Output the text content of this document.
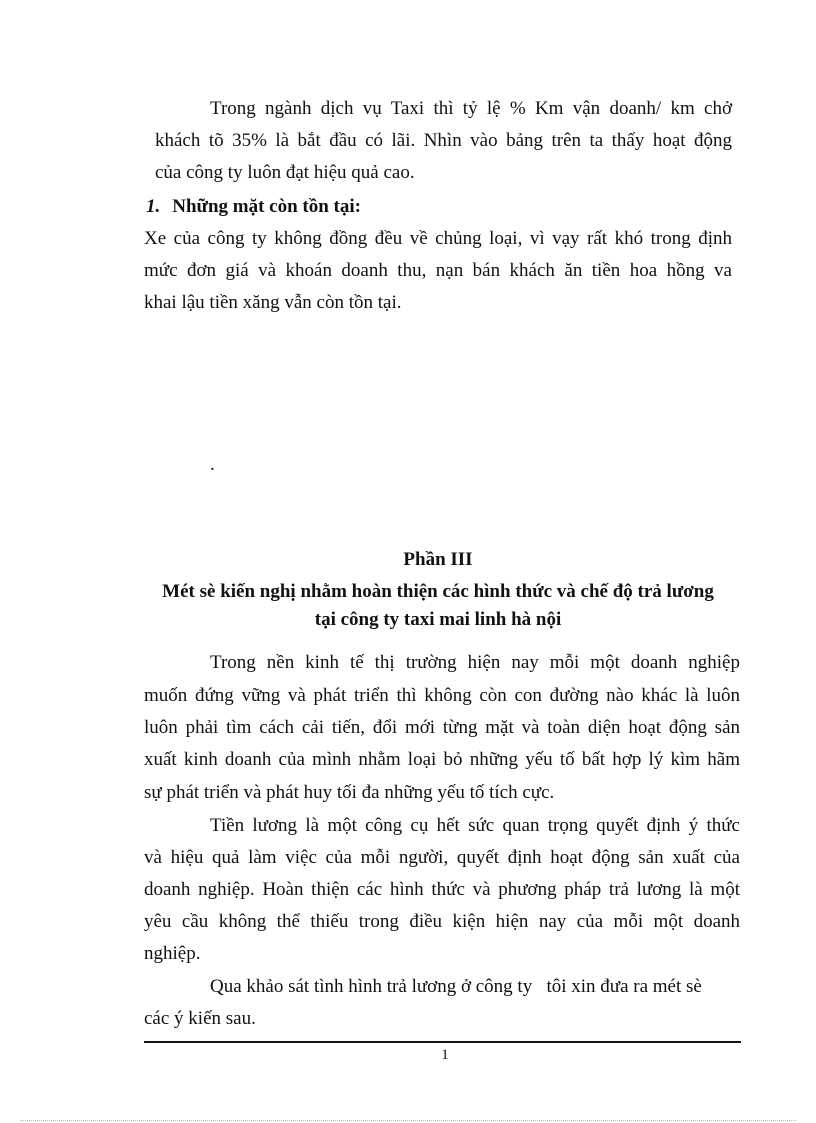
Trong ngành dịch vụ Taxi thì tỷ lệ % Km vận doanh/ km chở
khách tõ 35% là bắt đầu có lãi. Nhìn vào bảng trên ta thấy hoạt động
của công ty luôn đạt hiệu quả cao.
1. Những mặt còn tồn tại:
Xe của công ty không đồng đều về chủng loại, vì vạy rất khó trong định
mức đơn giá và khoán doanh thu, nạn bán khách ăn tiền hoa hồng va
khai lậu tiền xăng vẫn còn tồn tại.
.
Phần III
Mét sè kiến nghị nhằm hoàn thiện các hình thức và chế độ trả lương
tại công ty taxi mai linh hà nội
Trong nền kinh tế thị trường hiện nay mỗi một doanh nghiệp
muốn đứng vững và phát triển thì không còn con đường nào khác là luôn
luôn phải tìm cách cải tiến, đổi mới từng mặt và toàn diện hoạt động sản
xuất kinh doanh của mình nhằm loại bỏ những yếu tố bất hợp lý kìm hãm
sự phát triển và phát huy tối đa những yếu tố tích cực.
Tiền lương là một công cụ hết sức quan trọng quyết định ý thức
và hiệu quả làm việc của mỗi người, quyết định hoạt động sản xuất của
doanh nghiệp. Hoàn thiện các hình thức và phương pháp trả lương là một
yêu cầu không thể thiếu trong điều kiện hiện nay của mỗi một doanh
nghiệp.
Qua khảo sát tình hình trả lương ở công ty   tôi xin đưa ra mét sè
các ý kiến sau.
1
